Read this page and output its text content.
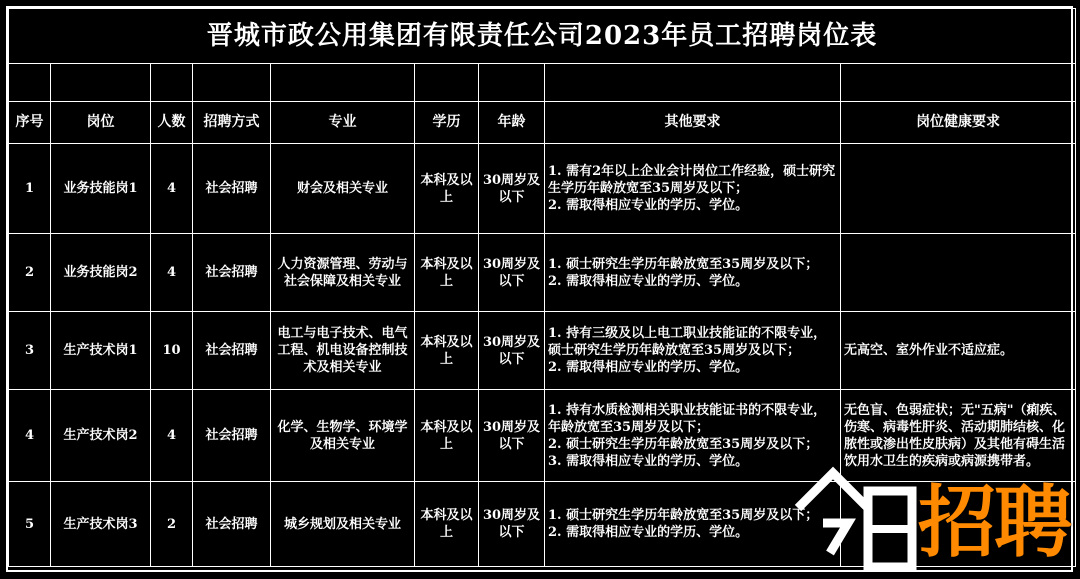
晋城市政公用集团有限责任公司2023年员工招聘岗位表								

序号	岗位	人数	招聘方式	专业	学历	年龄	其他要求	岗位健康要求
1	业务技能岗1	4	社会招聘	财会及相关专业	本科及以上	30周岁及以下	1. 需有2年以上企业会计岗位工作经验，硕士研究生学历年龄放宽至35周岁及以下；
2. 需取得相应专业的学历、学位。	

2	业务技能岗2	4	社会招聘	人力资源管理、劳动与社会保障及相关专业	本科及以上	30周岁及以下	1. 硕士研究生学历年龄放宽至35周岁及以下；
2. 需取得相应专业的学历、学位。	

3	生产技术岗1	10	社会招聘	电工与电子技术、电气工程、机电设备控制技术及相关专业	本科及以上	30周岁及以下	1. 持有三级及以上电工职业技能证的不限专业，硕士研究生学历年龄放宽至35周岁及以下；
2. 需取得相应专业的学历、学位。	无高空、室外作业不适应症。
4	生产技术岗2	4	社会招聘	化学、生物学、环境学及相关专业	本科及以上	30周岁及以下	1. 持有水质检测相关职业技能证书的不限专业，年龄放宽至35周岁及以下；
2. 硕士研究生学历年龄放宽至35周岁及以下；
3. 需取得相应专业的学历、学位。	无色盲、色弱症状；无"五病"（痢疾、伤寒、病毒性肝炎、活动期肺结核、化脓性或渗出性皮肤病）及其他有碍生活饮用水卫生的疾病或病源携带者。
5	生产技术岗3	2	社会招聘	城乡规划及相关专业	本科及以上	30周岁及以下	1. 硕士研究生学历年龄放宽至35周岁及以下；
2. 需取得相应专业的学历、学位。	
		招聘
